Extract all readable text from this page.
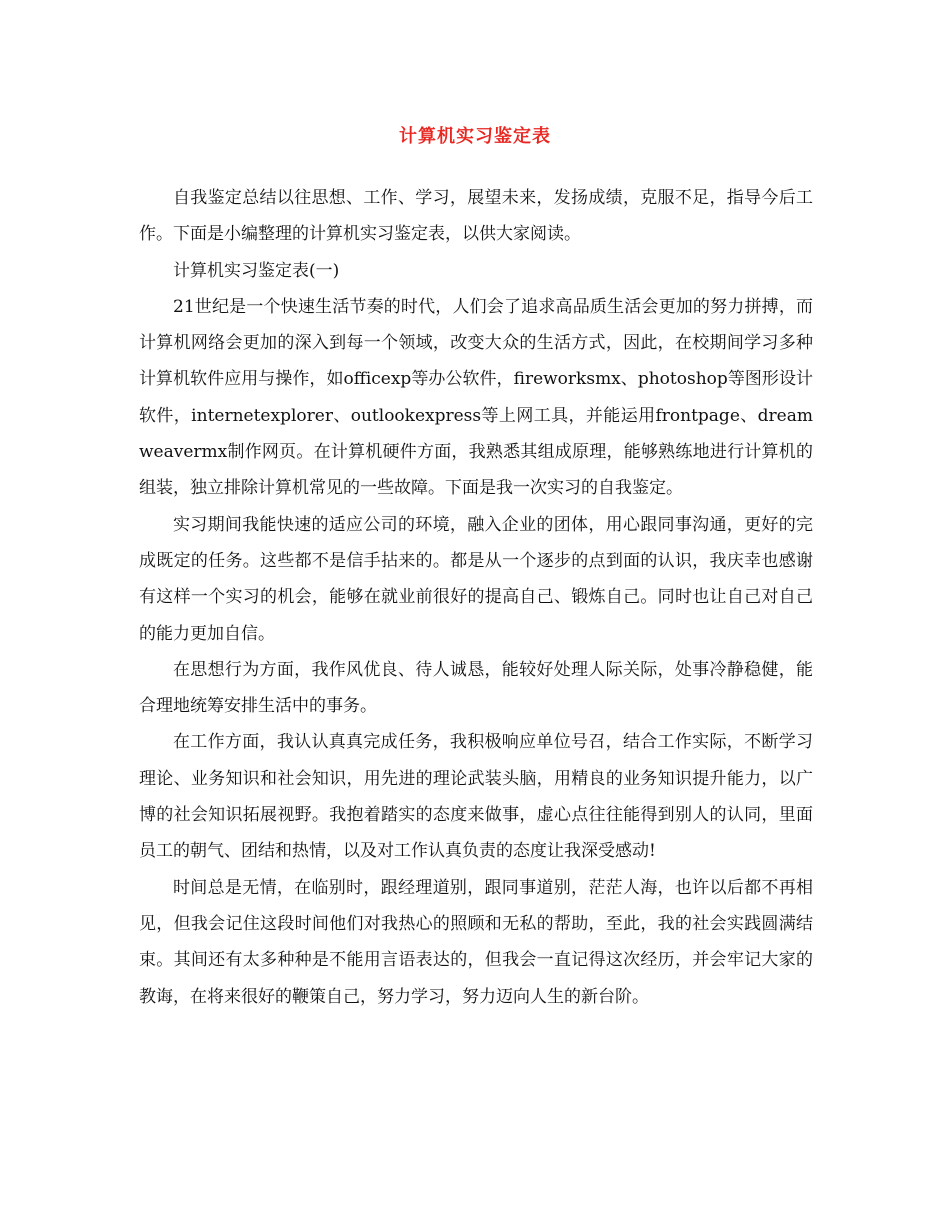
计算机实习鉴定表

自我鉴定总结以往思想、工作、学习，展望未来，发扬成绩，克服不足，指导今后工作。下面是小编整理的计算机实习鉴定表，以供大家阅读。

计算机实习鉴定表(一)

21世纪是一个快速生活节奏的时代，人们会了追求高品质生活会更加的努力拼搏，而计算机网络会更加的深入到每一个领域，改变大众的生活方式，因此，在校期间学习多种计算机软件应用与操作，如officexp等办公软件，fireworksmx、photoshop等图形设计软件，internetexplorer、outlookexpress等上网工具，并能运用frontpage、dreamweavermx制作网页。在计算机硬件方面，我熟悉其组成原理，能够熟练地进行计算机的组装，独立排除计算机常见的一些故障。下面是我一次实习的自我鉴定。

实习期间我能快速的适应公司的环境，融入企业的团体，用心跟同事沟通，更好的完成既定的任务。这些都不是信手拈来的。都是从一个逐步的点到面的认识，我庆幸也感谢有这样一个实习的机会，能够在就业前很好的提高自己、锻炼自己。同时也让自己对自己的能力更加自信。

在思想行为方面，我作风优良、待人诚恳，能较好处理人际关际，处事冷静稳健，能合理地统筹安排生活中的事务。

在工作方面，我认认真真完成任务，我积极响应单位号召，结合工作实际，不断学习理论、业务知识和社会知识，用先进的理论武装头脑，用精良的业务知识提升能力，以广博的社会知识拓展视野。我抱着踏实的态度来做事，虚心点往往能得到别人的认同，里面员工的朝气、团结和热情，以及对工作认真负责的态度让我深受感动!

时间总是无情，在临别时，跟经理道别，跟同事道别，茫茫人海，也许以后都不再相见，但我会记住这段时间他们对我热心的照顾和无私的帮助，至此，我的社会实践圆满结束。其间还有太多种种是不能用言语表达的，但我会一直记得这次经历，并会牢记大家的教诲，在将来很好的鞭策自己，努力学习，努力迈向人生的新台阶。
